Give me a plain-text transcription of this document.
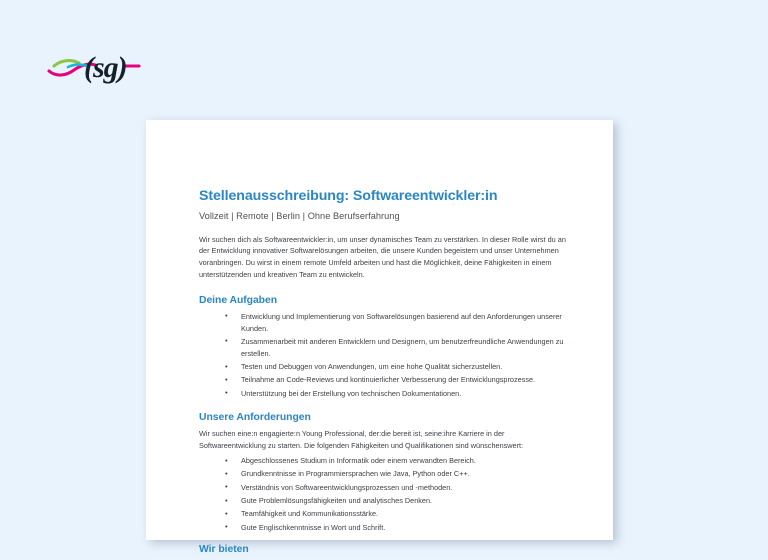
(sg)
Stellenausschreibung: Softwareentwickler:in
Vollzeit | Remote | Berlin | Ohne Berufserfahrung

Wir suchen dich als Softwareentwickler:in, um unser dynamisches Team zu verstärken. In dieser Rolle wirst du an der Entwicklung innovativer Softwarelösungen arbeiten, die unsere Kunden begeistern und unser Unternehmen voranbringen. Du wirst in einem remote Umfeld arbeiten und hast die Möglichkeit, deine Fähigkeiten in einem unterstützenden und kreativen Team zu entwickeln.

Deine Aufgaben
• Entwicklung und Implementierung von Softwarelösungen basierend auf den Anforderungen unserer Kunden.
• Zusammenarbeit mit anderen Entwicklern und Designern, um benutzerfreundliche Anwendungen zu erstellen.
• Testen und Debuggen von Anwendungen, um eine hohe Qualität sicherzustellen.
• Teilnahme an Code-Reviews und kontinuierlicher Verbesserung der Entwicklungsprozesse.
• Unterstützung bei der Erstellung von technischen Dokumentationen.
Unsere Anforderungen

Wir suchen eine:n engagierte:n Young Professional, der:die bereit ist, seine:ihre Karriere in der Softwareentwicklung zu starten. Die folgenden Fähigkeiten und Qualifikationen sind wünschenswert:

• Abgeschlossenes Studium in Informatik oder einem verwandten Bereich.
• Grundkenntnisse in Programmiersprachen wie Java, Python oder C++.
• Verständnis von Softwareentwicklungsprozessen und -methoden.
• Gute Problemlösungsfähigkeiten und analytisches Denken.
• Teamfähigkeit und Kommunikationsstärke.
• Gute Englischkenntnisse in Wort und Schrift.
Wir bieten
